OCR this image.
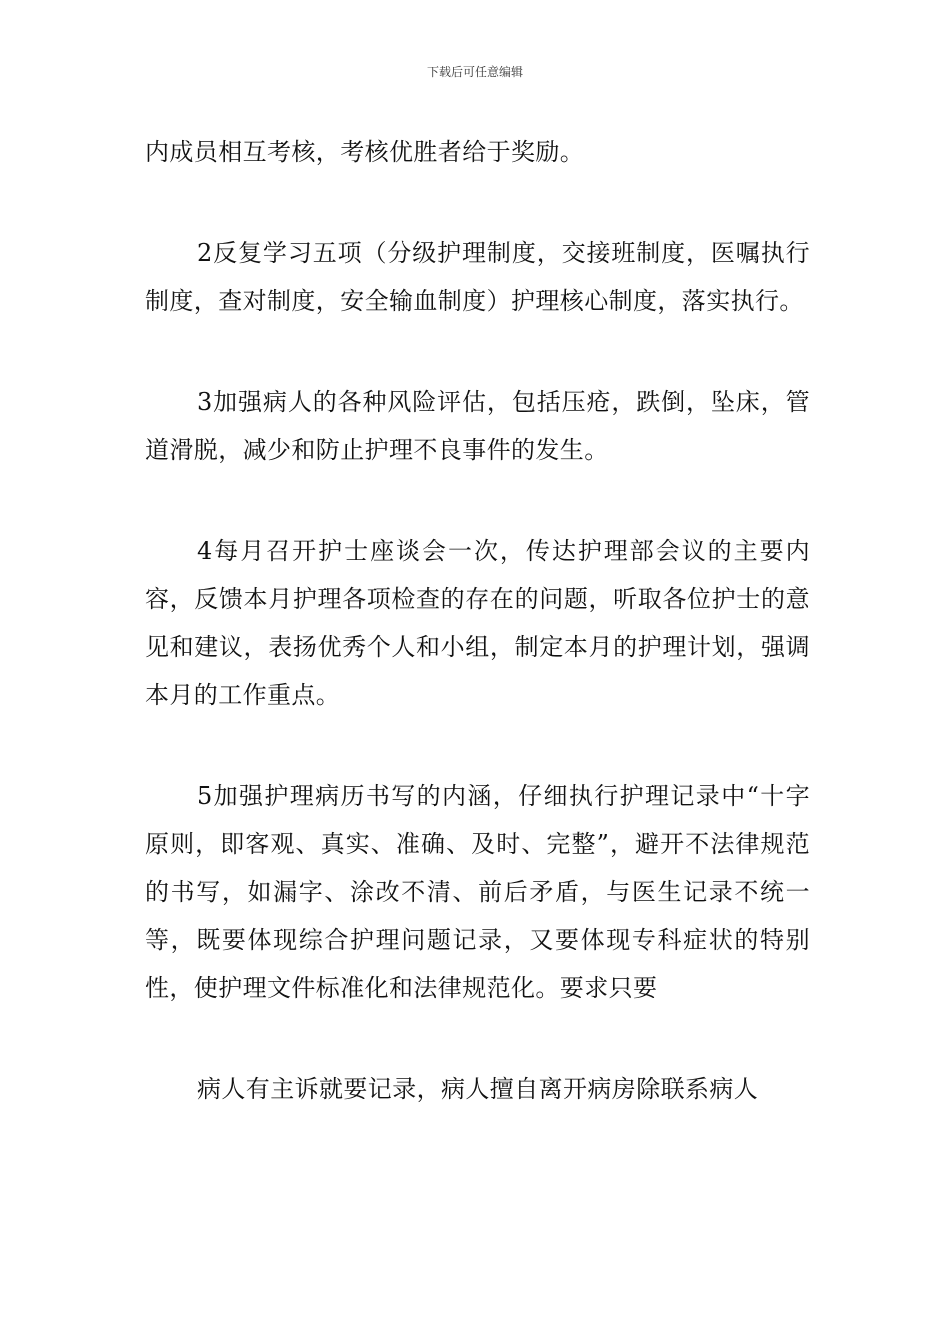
下载后可任意编辑

内成员相互考核，考核优胜者给于奖励。

2反复学习五项（分级护理制度，交接班制度，医嘱执行制度，查对制度，安全输血制度）护理核心制度，落实执行。

3加强病人的各种风险评估，包括压疮，跌倒，坠床，管道滑脱，减少和防止护理不良事件的发生。

4每月召开护士座谈会一次，传达护理部会议的主要内容，反馈本月护理各项检查的存在的问题，听取各位护士的意见和建议，表扬优秀个人和小组，制定本月的护理计划，强调本月的工作重点。

5加强护理病历书写的内涵，仔细执行护理记录中“十字原则，即客观、真实、准确、及时、完整”，避开不法律规范的书写，如漏字、涂改不清、前后矛盾，与医生记录不统一等，既要体现综合护理问题记录，又要体现专科症状的特别性，使护理文件标准化和法律规范化。要求只要

病人有主诉就要记录，病人擅自离开病房除联系病人
